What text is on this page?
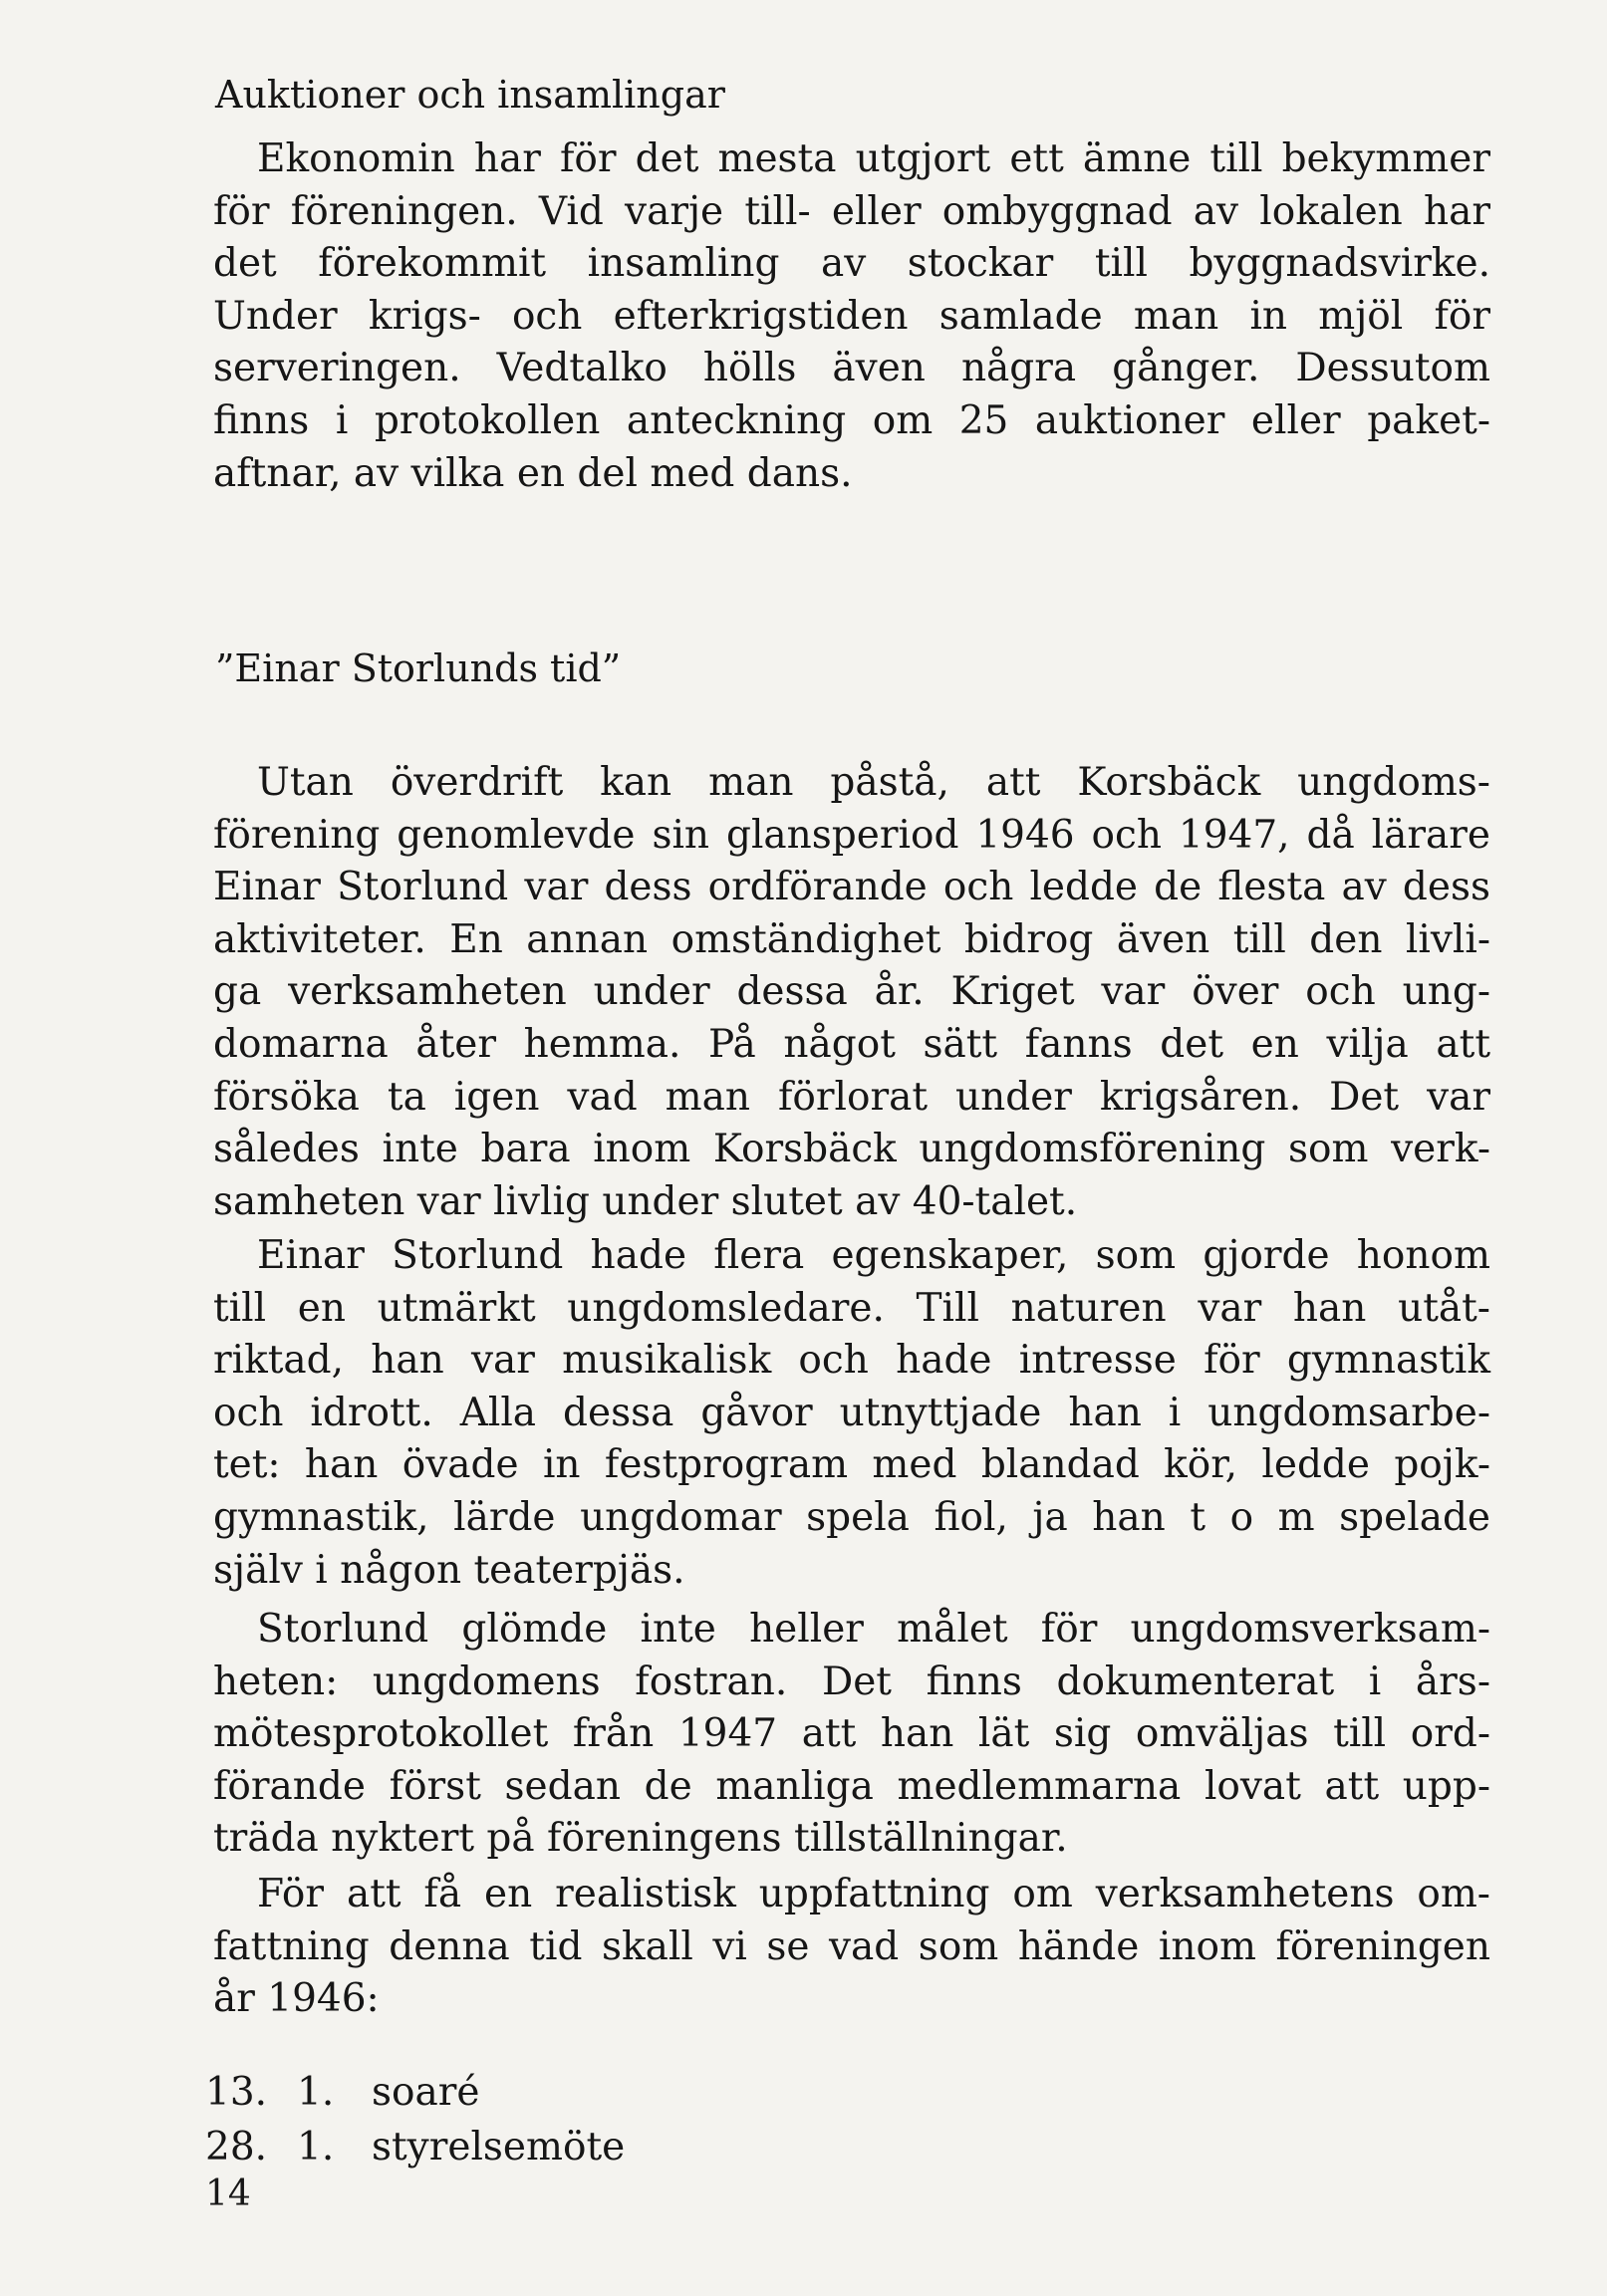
Auktioner och insamlingar
Ekonomin har för det mesta utgjort ett ämne till bekymmer
för föreningen. Vid varje till- eller ombyggnad av lokalen har
det förekommit insamling av stockar till byggnadsvirke.
Under krigs- och efterkrigstiden samlade man in mjöl för
serveringen. Vedtalko hölls även några gånger. Dessutom
finns i protokollen anteckning om 25 auktioner eller paket-
aftnar, av vilka en del med dans.
”Einar Storlunds tid”
Utan överdrift kan man påstå, att Korsbäck ungdoms-
förening genomlevde sin glansperiod 1946 och 1947, då lärare
Einar Storlund var dess ordförande och ledde de flesta av dess
aktiviteter. En annan omständighet bidrog även till den livli-
ga verksamheten under dessa år. Kriget var över och ung-
domarna åter hemma. På något sätt fanns det en vilja att
försöka ta igen vad man förlorat under krigsåren. Det var
således inte bara inom Korsbäck ungdomsförening som verk-
samheten var livlig under slutet av 40-talet.
Einar Storlund hade flera egenskaper, som gjorde honom
till en utmärkt ungdomsledare. Till naturen var han utåt-
riktad, han var musikalisk och hade intresse för gymnastik
och idrott. Alla dessa gåvor utnyttjade han i ungdomsarbe-
tet: han övade in festprogram med blandad kör, ledde pojk-
gymnastik, lärde ungdomar spela fiol, ja han t o m spelade
själv i någon teaterpjäs.
Storlund glömde inte heller målet för ungdomsverksam-
heten: ungdomens fostran. Det finns dokumenterat i års-
mötesprotokollet från 1947 att han lät sig omväljas till ord-
förande först sedan de manliga medlemmarna lovat att upp-
träda nyktert på föreningens tillställningar.
För att få en realistisk uppfattning om verksamhetens om-
fattning denna tid skall vi se vad som hände inom föreningen
år 1946:
13. 1. soaré
28. 1. styrelsemöte
14
